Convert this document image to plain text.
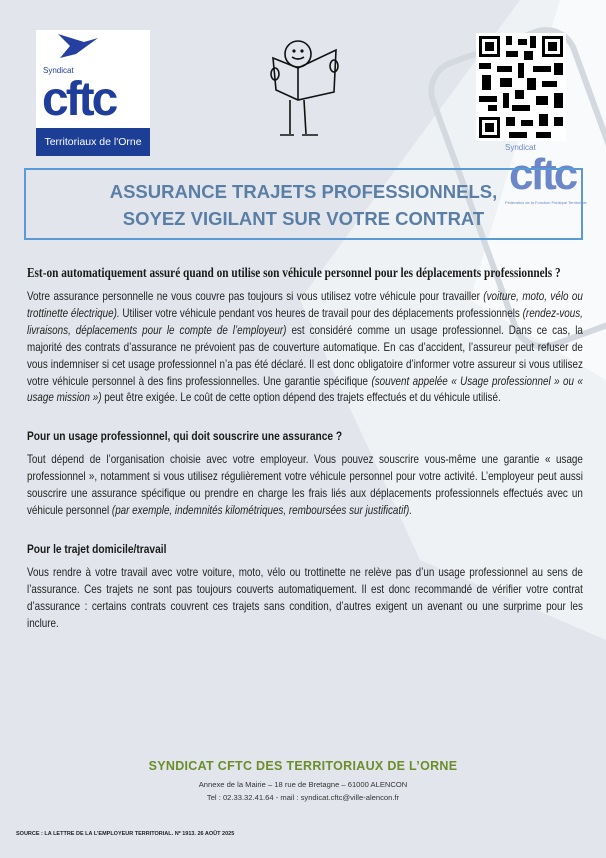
Syndicat
cftc
Territoriaux de l'Orne	Syndicat
cftc
Fédération de la Fonction Publique Territoriale
ASSURANCE TRAJETS PROFESSIONNELS,
SOYEZ VIGILANT SUR VOTRE CONTRAT
Est-on automatiquement assuré quand on utilise son véhicule personnel pour les déplacements professionnels ?
Votre assurance personnelle ne vous couvre pas toujours si vous utilisez votre véhicule pour travailler (voiture, moto, vélo ou trottinette électrique). Utiliser votre véhicule pendant vos heures de travail pour des déplacements professionnels (rendez-vous, livraisons, déplacements pour le compte de l’employeur) est considéré comme un usage professionnel. Dans ce cas, la majorité des contrats d’assurance ne prévoient pas de couverture automatique. En cas d’accident, l’assureur peut refuser de vous indemniser si cet usage professionnel n’a pas été déclaré. Il est donc obligatoire d’informer votre assureur si vous utilisez votre véhicule personnel à des fins professionnelles. Une garantie spécifique (souvent appelée « Usage professionnel » ou « usage mission ») peut être exigée. Le coût de cette option dépend des trajets effectués et du véhicule utilisé.
Pour un usage professionnel, qui doit souscrire une assurance ?
Tout dépend de l’organisation choisie avec votre employeur. Vous pouvez souscrire vous-même une garantie « usage professionnel », notamment si vous utilisez régulièrement votre véhicule personnel pour votre activité. L’employeur peut aussi souscrire une assurance spécifique ou prendre en charge les frais liés aux déplacements professionnels effectués avec un véhicule personnel (par exemple, indemnités kilométriques, remboursées sur justificatif).
Pour le trajet domicile/travail
Vous rendre à votre travail avec votre voiture, moto, vélo ou trottinette ne relève pas d’un usage professionnel au sens de l’assurance. Ces trajets ne sont pas toujours couverts automatiquement. Il est donc recommandé de vérifier votre contrat d’assurance : certains contrats couvrent ces trajets sans condition, d’autres exigent un avenant ou une surprime pour les inclure.
SYNDICAT CFTC DES TERRITORIAUX DE L’ORNE
Annexe de la Mairie – 18 rue de Bretagne – 61000 ALENCON
Tel : 02.33.32.41.64 - mail : syndicat.cftc@ville-alencon.fr
SOURCE : LA LETTRE DE LA L’EMPLOYEUR TERRITORIAL. Nº 1913. 26 AOÛT 2025
